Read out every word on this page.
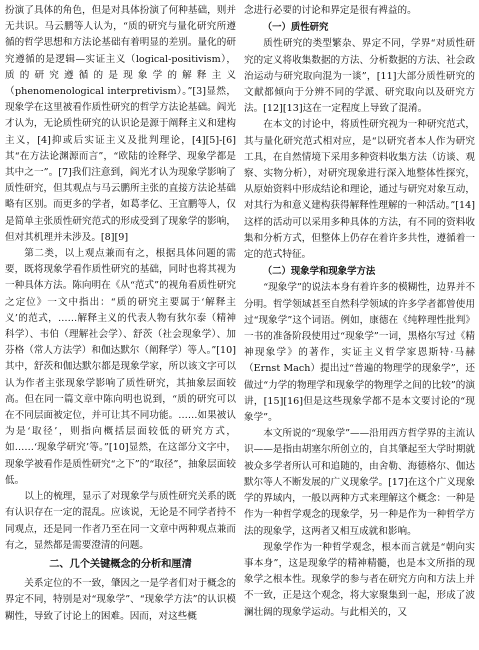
扮演了具体的角色，但是对具体扮演了何种基础，则并无共识。马云鹏等人认为，“质的研究与量化研究所遵循的哲学思想和方法论基础有着明显的差别。量化的研究遵循的是逻辑—实证主义（logical-positivism），质的研究遵循的是现象学的解释主义（phenomenological interpretivism）。”[3]显然，现象学在这里被看作质性研究的哲学方法论基础。阎光才认为，无论质性研究的认识论是源于阐释主义和建构主义，[4]抑或后实证主义及批判理论，[4][5]-[6]其“在方法论渊源而言”，“欧陆的诠释学、现象学都是其中之一”。[7]我们注意到，阎光才认为现象学影响了质性研究，但其观点与马云鹏所主张的直接方法论基础略有区别。而更多的学者，如葛孝亿、王宜鹏等人，仅是简单主张质性研究范式的形成受到了现象学的影响，但对其机理并未涉及。[8][9]

第二类，以上观点兼而有之，根据具体问题的需要，既将现象学看作质性研究的基础，同时也将其视为一种具体方法。陈向明在《从“范式”的视角看质性研究之定位》一文中指出：“质的研究主要属于‘解释主义’的范式，……解释主义的代表人物有狄尔泰（精神科学）、韦伯（理解社会学）、舒茨（社会现象学）、加芬格（常人方法学）和伽达默尔（阐释学）等人。”[10]其中，舒茨和伽达默尔都是现象学家，所以该文字可以认为作者主张现象学影响了质性研究，其抽象层面较高。但在同一篇文章中陈向明也说到，“质的研究可以在不同层面被定位，并可让其不同功能。……如果被认为是‘取径’，则指向概括层面较低的研究方式，如……‘现象学研究’等。”[10]显然，在这部分文字中，现象学被看作是质性研究“之下”的“取径”，抽象层面较低。

以上的梳理，显示了对现象学与质性研究关系的既有认识存在一定的混乱。应该说，无论是不同学者持不同观点，还是同一作者乃至在同一文章中两种观点兼而有之，显然都是需要澄清的问题。

二、几个关键概念的分析和厘清

关系定位的不一致，肇因之一是学者们对于概念的界定不同，特别是对“现象学”、“现象学方法”的认识模糊性，导致了讨论上的困难。因而，对这些概

念进行必要的讨论和界定是很有裨益的。

（一）质性研究

质性研究的类型繁杂、界定不同，学界“对质性研究的定义将收集数据的方法、分析数据的方法、社会政治运动与研究取向混为一谈”，[11]大部分质性研究的文献都倾向于分辨不同的学派、研究取向以及研究方法。[12][13]这在一定程度上导致了混淆。

在本文的讨论中，将质性研究视为一种研究范式，其与量化研究范式相对应，是“以研究者本人作为研究工具，在自然情境下采用多种资料收集方法（访谈、观察、实物分析），对研究现象进行深入地整体性探究，从原始资料中形成结论和理论，通过与研究对象互动，对其行为和意义建构获得解释性理解的一种活动。”[14]这样的活动可以采用多种具体的方法，有不同的资料收集和分析方式，但整体上仍存在着许多共性，遵循着一定的范式特征。

（二）现象学和现象学方法

“现象学”的说法本身有着许多的模糊性，边界并不分明。哲学领域甚至自然科学领域的许多学者都曾使用过“现象学”这个词语。例如，康德在《纯粹理性批判》一书的准备阶段使用过“现象学”一词，黑格尔写过《精神现象学》的著作，实证主义哲学家恩斯特·马赫（Ernst Mach）提出过“普遍的物理学的现象学”，还做过“力学的物理学和现象学的物理学之间的比较”的演讲，[15][16]但是这些现象学都不是本文要讨论的“现象学”。

本文所说的“现象学”——沿用西方哲学界的主流认识——是指由胡塞尔所创立的，自其肇起至大学时期就被众多学者所认可和追随的，由舍勒、海德格尔、伽达默尔等人不断发展的广义现象学。[17]在这个广义现象学的界域内，一般以两种方式来理解这个概念：一种是作为一种哲学观念的现象学，另一种是作为一种哲学方法的现象学，这两者又相互成就和影响。

现象学作为一种哲学观念，根本而言就是“朝向实事本身”，这是现象学的精神精髓，也是本文所指的现象学之根本性。现象学的参与者在研究方向和方法上并不一致，正是这个观念，将大家聚集到一起，形成了波澜壮阔的现象学运动。与此相关的，又
